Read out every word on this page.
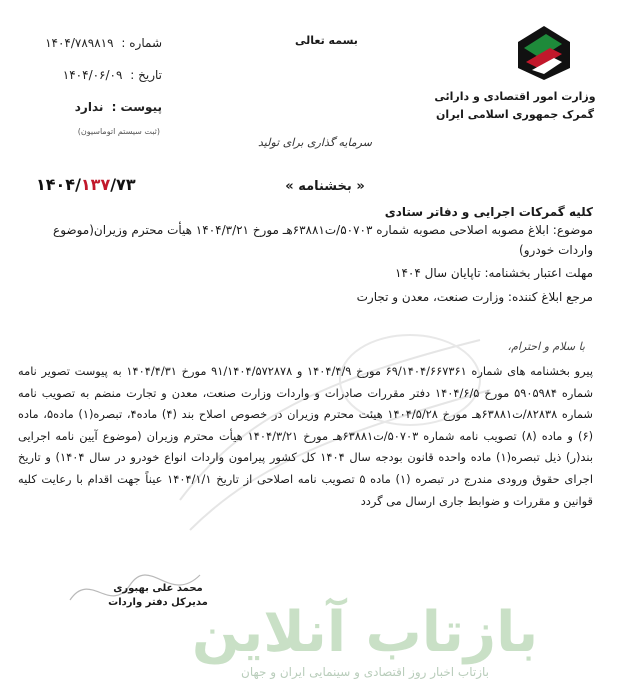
بسمه تعالی
شماره : ۱۴۰۴/۷۸۹۸۱۹
تاریخ : ۱۴۰۴/۰۶/۰۹
پیوست : ندارد
(ثبت سیستم اتوماسیون)
وزارت امور اقتصادی و دارائی
گمرک جمهوری اسلامی ایران
سرمایه گذاری برای تولید
۱۴۰۴/۱۳۷/۷۳	« بخشنامه »
کلیه گمرکات اجرایی و دفاتر ستادی
موضوع: ابلاغ مصوبه اصلاحی مصوبه شماره ۵۰۷۰۳/ت۶۳۸۸۱هـ مورخ ۱۴۰۴/۳/۲۱ هیأت محترم وزیران(موضوع واردات خودرو)
مهلت اعتبار بخشنامه: تاپایان سال ۱۴۰۴
مرجع ابلاغ کننده: وزارت صنعت، معدن و تجارت
با سلام و احترام،
پیرو بخشنامه های شماره ۶۹/۱۴۰۴/۶۶۷۳۶۱ مورخ ۱۴۰۴/۴/۹ و ۹۱/۱۴۰۴/۵۷۲۸۷۸ مورخ ۱۴۰۴/۴/۳۱ به پیوست تصویر نامه شماره ۵۹۰۵۹۸۴ مورخ ۱۴۰۴/۶/۵ دفتر مقررات صادرات و واردات وزارت صنعت، معدن و تجارت منضم به تصویب نامه شماره ۸۲۸۳۸/ت۶۳۸۸۱هـ مورخ ۱۴۰۴/۵/۲۸ هیئت محترم وزیران در خصوص اصلاح بند (۴) ماده۴، تبصره(۱) ماده۵، ماده (۶) و ماده (۸) تصویب نامه شماره ۵۰۷۰۳/ت۶۳۸۸۱هـ مورخ ۱۴۰۴/۳/۲۱ هیأت محترم وزیران (موضوع آیین نامه اجرایی بند(ر) ذیل تبصره(۱) ماده واحده قانون بودجه سال ۱۴۰۴ کل کشور پیرامون واردات انواع خودرو در سال ۱۴۰۴) و تاریخ اجرای حقوق ورودی مندرج در تبصره (۱) ماده ۵ تصویب نامه اصلاحی از تاریخ ۱۴۰۴/۱/۱ عیناً جهت اقدام با رعایت کلیه قوانین و مقررات و ضوابط جاری ارسال می گردد
محمد علی بهبوری
مدیرکل دفتر واردات
بازتاب آنلاین
بازتاب اخبار روز اقتصادی و سینمایی ایران و جهان
